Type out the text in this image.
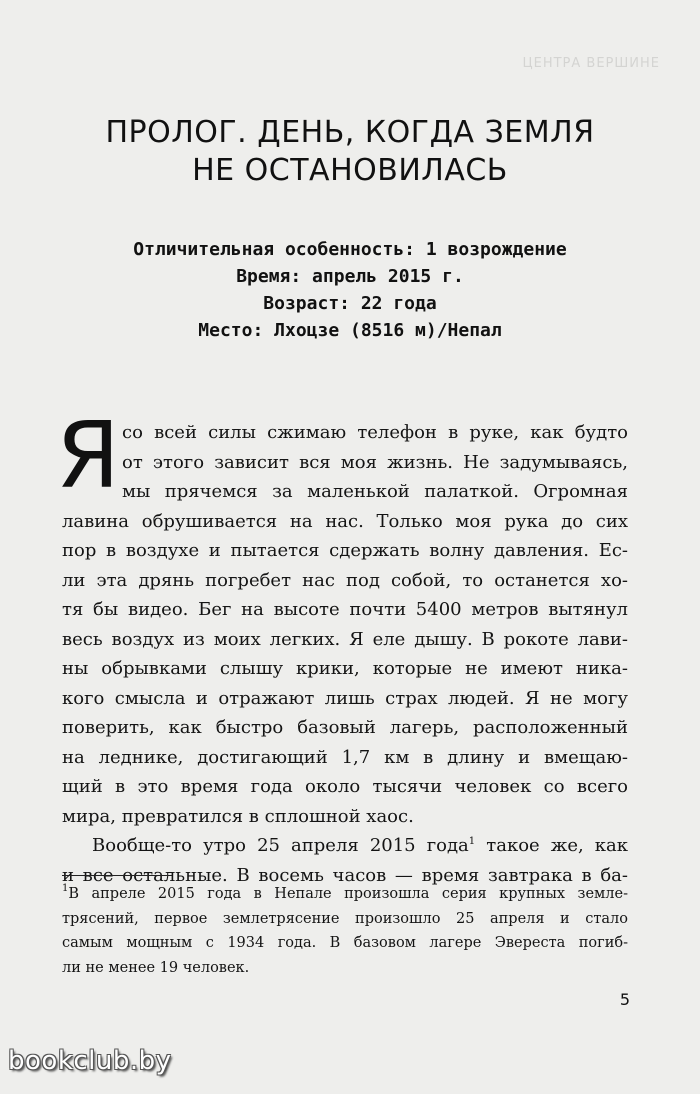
ЦЕНТРА ВЕРШИНЕ
ПРОЛОГ. ДЕНЬ, КОГДА ЗЕМЛЯ
НЕ ОСТАНОВИЛАСЬ
Отличительная особенность: 1 возрождение
Время: апрель 2015 г.
Возраст: 22 года
Место: Лхоцзе (8516 м)/Непал
Я со всей силы сжимаю телефон в руке, как будто
от этого зависит вся моя жизнь. Не задумываясь,
мы прячемся за маленькой палаткой. Огромная
лавина обрушивается на нас. Только моя рука до сих
пор в воздухе и пытается сдержать волну давления. Ес-
ли эта дрянь погребет нас под собой, то останется хо-
тя бы видео. Бег на высоте почти 5400 метров вытянул
весь воздух из моих легких. Я еле дышу. В рокоте лави-
ны обрывками слышу крики, которые не имеют ника-
кого смысла и отражают лишь страх людей. Я не могу
поверить, как быстро базовый лагерь, расположенный
на леднике, достигающий 1,7 км в длину и вмещаю-
щий в это время года около тысячи человек со всего
мира, превратился в сплошной хаос.
Вообще-то утро 25 апреля 2015 года$^1$ такое же, как
и все остальные. В восемь часов — время завтрака в ба-
$^1$В апреле 2015 года в Непале произошла серия крупных земле-
трясений, первое землетрясение произошло 25 апреля и стало
самым мощным с 1934 года. В базовом лагере Эвереста погиб-
ли не менее 19 человек.
5
bookclub.by
